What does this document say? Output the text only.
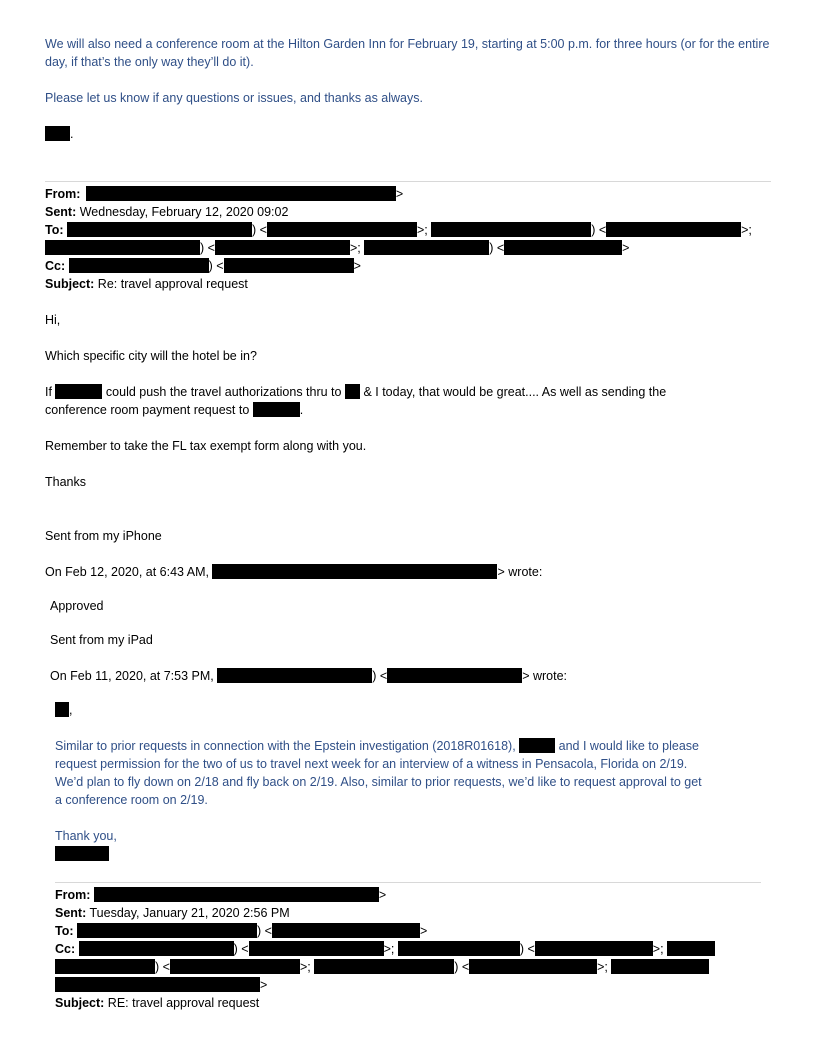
We will also need a conference room at the Hilton Garden Inn for February 19, starting at 5:00 p.m. for three hours (or for the entire day, if that’s the only way they’ll do it).
Please let us know if any questions or issues, and thanks as always.
.
From:	>
Sent: Wednesday, February 12, 2020 09:02
To:	) <	>;	) <	>;
) <	>;	) <	>
Cc:	) <	>
Subject: Re: travel approval request
Hi,
Which specific city will the hotel be in?
If	could push the travel authorizations thru to & I today, that would be great.... As well as sending the
conference room payment request to	.
Remember to take the FL tax exempt form along with you.
Thanks
Sent from my iPhone
On Feb 12, 2020, at 6:43 AM,	> wrote:
Approved
Sent from my iPad
On Feb 11, 2020, at 7:53 PM,	) <	> wrote:
,
Similar to prior requests in connection with the Epstein investigation (2018R01618),	and I would like to please
request permission for the two of us to travel next week for an interview of a witness in Pensacola, Florida on 2/19.
We’d plan to fly down on 2/18 and fly back on 2/19. Also, similar to prior requests, we’d like to request approval to get
a conference room on 2/19.
Thank you,
From:	>
Sent: Tuesday, January 21, 2020 2:56 PM
To:	) <	>
Cc:	) <	>;	) <	>;
) <	>;	) <	>;
>
Subject: RE: travel approval request
